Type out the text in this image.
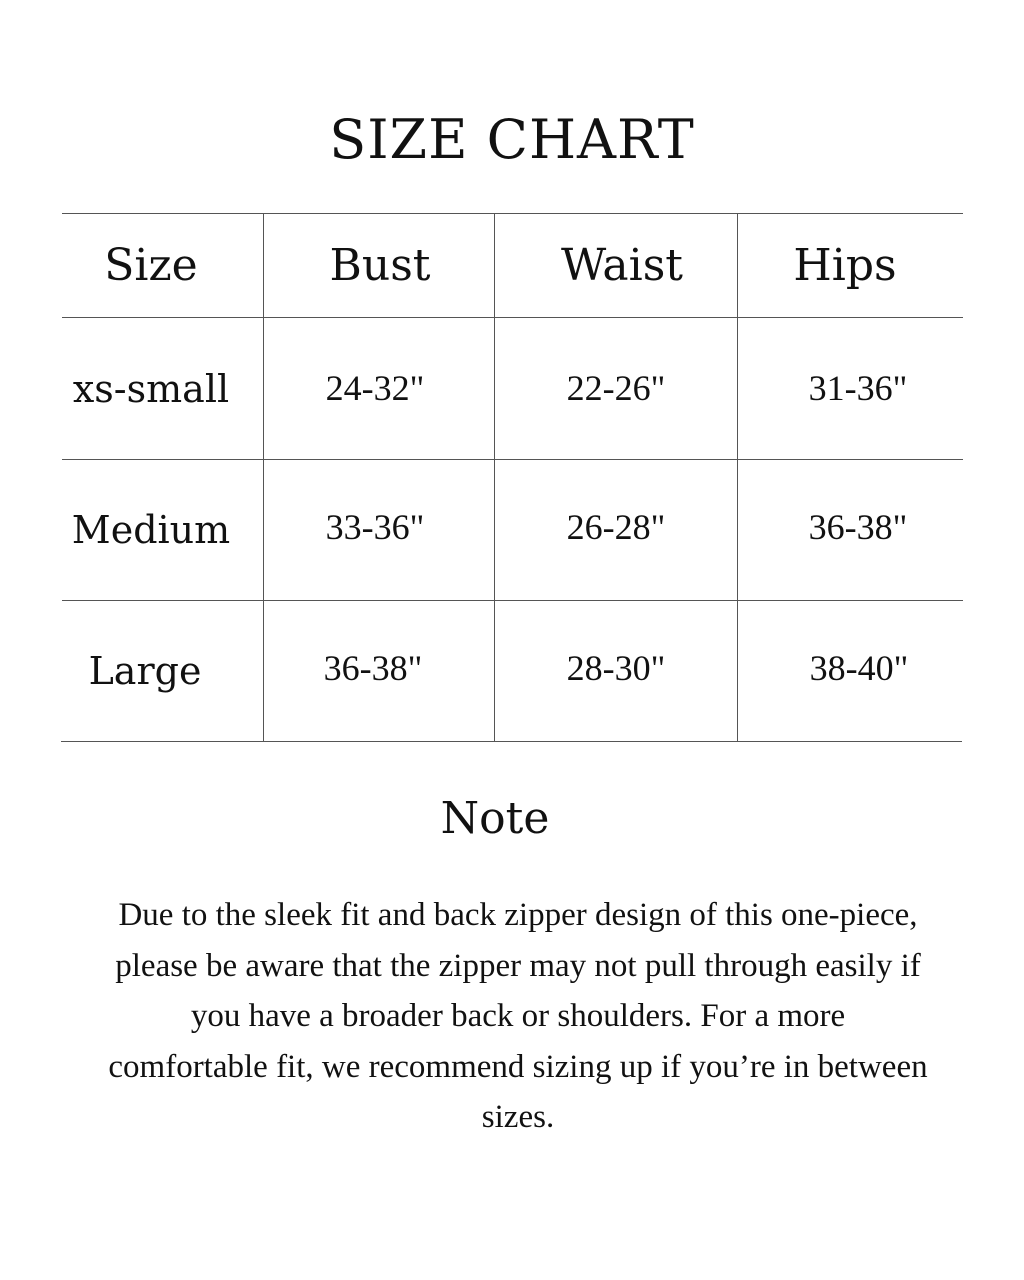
SIZE CHART
Size	Bust	Waist	Hips
xs-small	24-32"	22-26"	31-36"
Medium	33-36"	26-28"	36-38"
Large	36-38"	28-30"	38-40"
Note
Due to the sleek fit and back zipper design of this one-piece, please be aware that the zipper may not pull through easily if you have a broader back or shoulders. For a more comfortable fit, we recommend sizing up if you’re in between sizes.
